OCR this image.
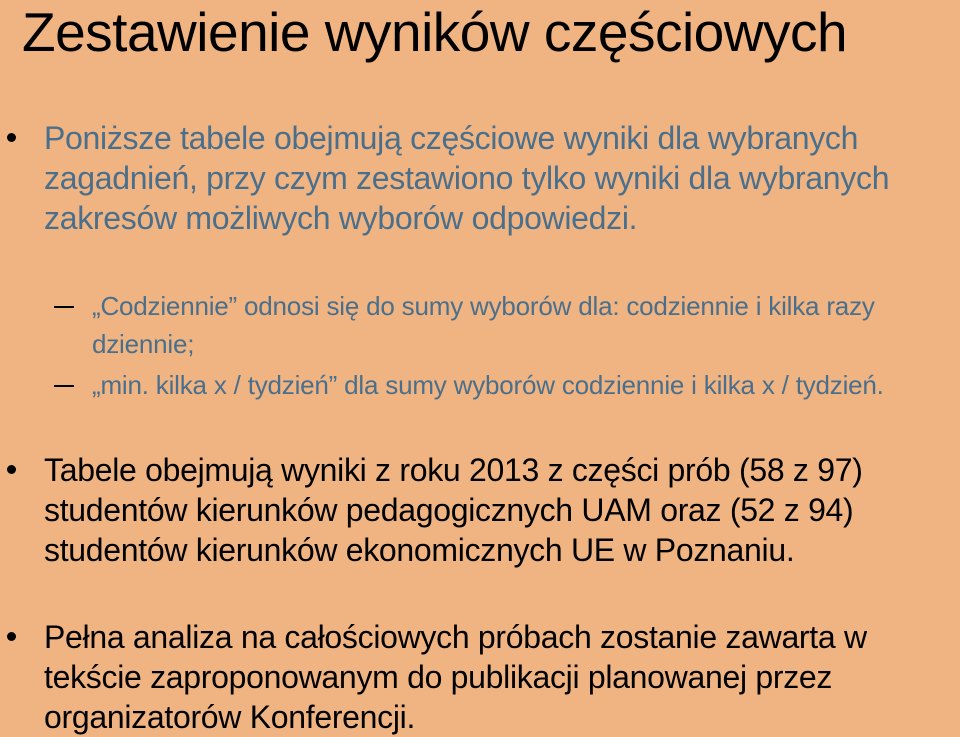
Zestawienie wyników częściowych
Poniższe tabele obejmują częściowe wyniki dla wybranych zagadnień, przy czym zestawiono tylko wyniki dla wybranych zakresów możliwych wyborów odpowiedzi.
„Codziennie” odnosi się do sumy wyborów dla: codziennie i kilka razy dziennie;
„min. kilka x / tydzień” dla sumy wyborów codziennie i kilka x / tydzień.
Tabele obejmują wyniki z roku 2013 z części prób (58 z 97) studentów kierunków pedagogicznych UAM oraz (52 z 94) studentów kierunków ekonomicznych UE w Poznaniu.
Pełna analiza na całościowych próbach zostanie zawarta w tekście zaproponowanym do publikacji planowanej przez organizatorów Konferencji.
